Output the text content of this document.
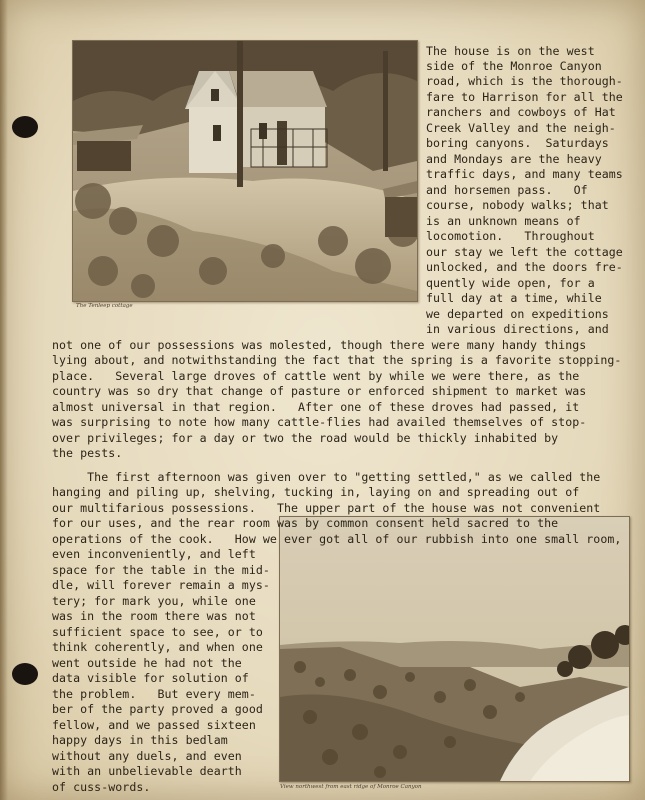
The Tenleep cottage
View northwest from east ridge of Monroe Canyon
The house is on the west
side of the Monroe Canyon
road, which is the thorough-
fare to Harrison for all the
ranchers and cowboys of Hat
Creek Valley and the neigh-
boring canyons.  Saturdays
and Mondays are the heavy
traffic days, and many teams
and horsemen pass.   Of
course, nobody walks; that
is an unknown means of
locomotion.   Throughout
our stay we left the cottage
unlocked, and the doors fre-
quently wide open, for a
full day at a time, while
we departed on expeditions
in various directions, and
not one of our possessions was molested, though there were many handy things
lying about, and notwithstanding the fact that the spring is a favorite stopping-
place.   Several large droves of cattle went by while we were there, as the
country was so dry that change of pasture or enforced shipment to market was
almost universal in that region.   After one of these droves had passed, it
was surprising to note how many cattle-flies had availed themselves of stop-
over privileges; for a day or two the road would be thickly inhabited by
the pests.
The first afternoon was given over to "getting settled," as we called the
hanging and piling up, shelving, tucking in, laying on and spreading out of
our multifarious possessions.   The upper part of the house was not convenient
for our uses, and the rear room was by common consent held sacred to the
operations of the cook.   How we ever got all of our rubbish into one small room,
even inconveniently, and left
space for the table in the mid-
dle, will forever remain a mys-
tery; for mark you, while one
was in the room there was not
sufficient space to see, or to
think coherently, and when one
went outside he had not the
data visible for solution of
the problem.   But every mem-
ber of the party proved a good
fellow, and we passed sixteen
happy days in this bedlam
without any duels, and even
with an unbelievable dearth
of cuss-words.
